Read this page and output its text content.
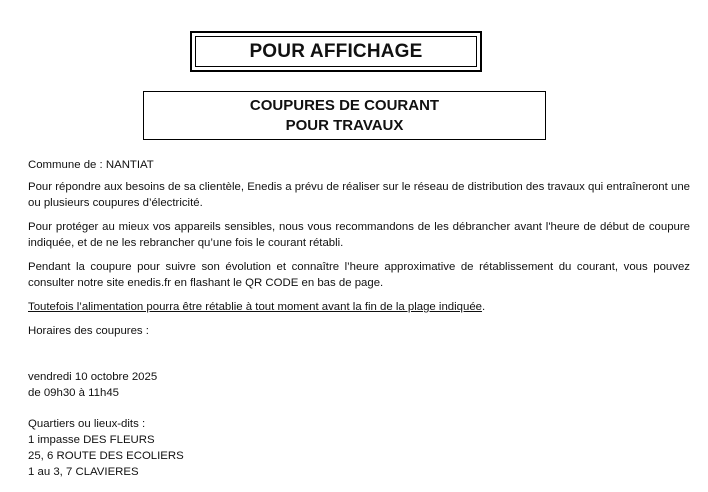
POUR AFFICHAGE
COUPURES DE COURANT
POUR TRAVAUX

Commune de : NANTIAT

Pour répondre aux besoins de sa clientèle, Enedis a prévu de réaliser sur le réseau de distribution des travaux qui entraîneront une ou plusieurs coupures d’électricité.

Pour protéger au mieux vos appareils sensibles, nous vous recommandons de les débrancher avant l'heure de début de coupure indiquée, et de ne les rebrancher qu’une fois le courant rétabli.

Pendant la coupure pour suivre son évolution et connaître l’heure approximative de rétablissement du courant, vous pouvez consulter notre site enedis.fr en flashant le QR CODE en bas de page.

Toutefois l’alimentation pourra être rétablie à tout moment avant la fin de la plage indiquée.

Horaires des coupures :

vendredi 10 octobre 2025

de 09h30 à 11h45

Quartiers ou lieux-dits :

1 impasse DES FLEURS

25, 6 ROUTE DES ECOLIERS

1 au 3, 7 CLAVIERES
